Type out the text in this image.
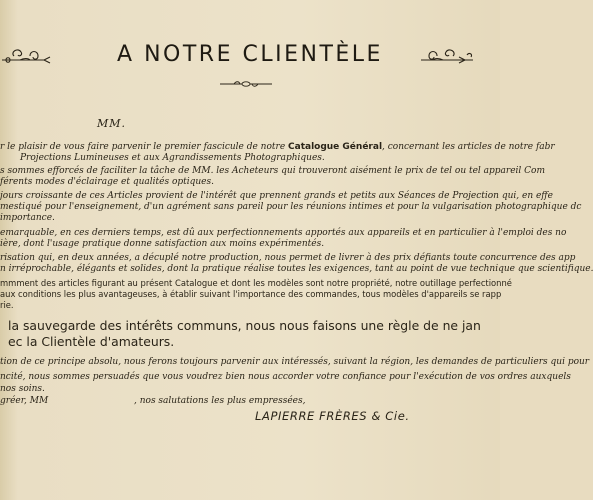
A NOTRE CLIENTÈLE
MM.
r le plaisir de vous faire parvenir le premier fascicule de notre Catalogue Général, concernant les articles de notre fabr
Projections Lumineuses et aux Agrandissements Photographiques.
s sommes efforcés de faciliter la tâche de MM. les Acheteurs qui trouveront aisément le prix de tel ou tel appareil Com
férents modes d'éclairage et qualités optiques.
jours croissante de ces Articles provient de l'intérêt que prennent grands et petits aux Séances de Projection qui, en effe
mestiqué pour l'enseignement, d'un agrément sans pareil pour les réunions intimes et pour la vulgarisation photographique dc
importance.
emarquable, en ces derniers temps, est dû aux perfectionnements apportés aux appareils et en particulier à l'emploi des no
ière, dont l'usage pratique donne satisfaction aux moins expérimentés.
risation qui, en deux années, a décuplé notre production, nous permet de livrer à des prix défiants toute concurrence des app
n irréprochable, élégants et solides, dont la pratique réalise toutes les exigences, tant au point de vue technique que scientifique.
mmment des articles figurant au présent Catalogue et dont les modèles sont notre propriété, notre outillage perfectionné
aux conditions les plus avantageuses, à établir suivant l'importance des commandes, tous modèles d'appareils se rapp
rie.
la sauvegarde des intérêts communs, nous nous faisons une règle de ne jan
ec la Clientèle d'amateurs.
tion de ce principe absolu, nous ferons toujours parvenir aux intéressés, suivant la région, les demandes de particuliers qui pour
ncité, nous sommes persuadés que vous voudrez bien nous accorder votre confiance pour l'exécution de vos ordres auxquels
nos soins.
gréer, MM                              , nos salutations les plus empressées,
LAPIERRE FRÈRES & Cie.
